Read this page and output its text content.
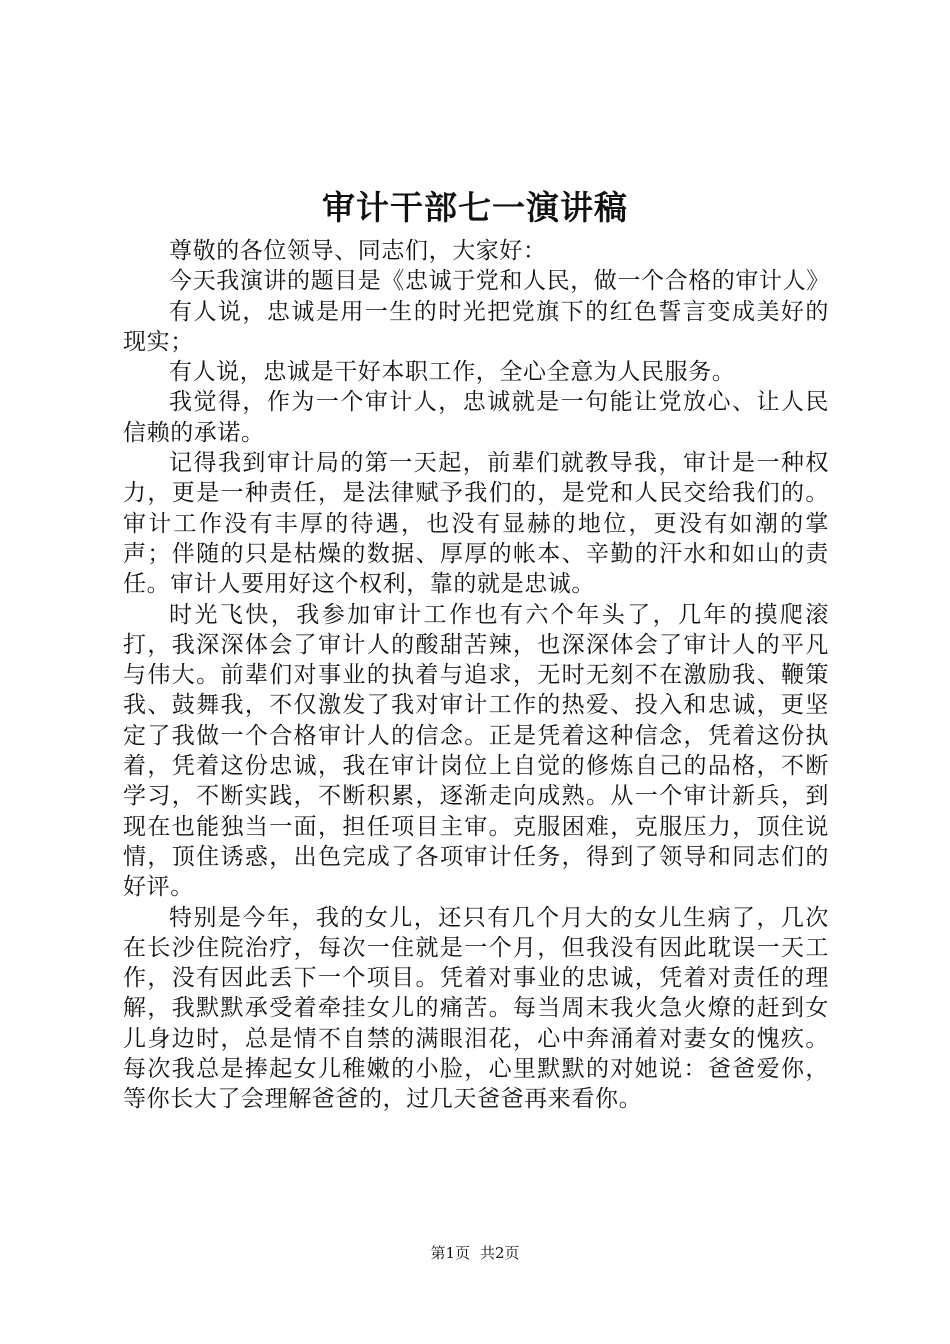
审计干部七一演讲稿

尊敬的各位领导、同志们，大家好：

今天我演讲的题目是《忠诚于党和人民，做一个合格的审计人》

有人说，忠诚是用一生的时光把党旗下的红色誓言变成美好的现实；

有人说，忠诚是干好本职工作，全心全意为人民服务。

我觉得，作为一个审计人，忠诚就是一句能让党放心、让人民信赖的承诺。

记得我到审计局的第一天起，前辈们就教导我，审计是一种权力，更是一种责任，是法律赋予我们的，是党和人民交给我们的。审计工作没有丰厚的待遇，也没有显赫的地位，更没有如潮的掌声；伴随的只是枯燥的数据、厚厚的帐本、辛勤的汗水和如山的责任。审计人要用好这个权利，靠的就是忠诚。

时光飞快，我参加审计工作也有六个年头了，几年的摸爬滚打，我深深体会了审计人的酸甜苦辣，也深深体会了审计人的平凡与伟大。前辈们对事业的执着与追求，无时无刻不在激励我、鞭策我、鼓舞我，不仅激发了我对审计工作的热爱、投入和忠诚，更坚定了我做一个合格审计人的信念。正是凭着这种信念，凭着这份执着，凭着这份忠诚，我在审计岗位上自觉的修炼自己的品格，不断学习，不断实践，不断积累，逐渐走向成熟。从一个审计新兵，到现在也能独当一面，担任项目主审。克服困难，克服压力，顶住说情，顶住诱惑，出色完成了各项审计任务，得到了领导和同志们的好评。

特别是今年，我的女儿，还只有几个月大的女儿生病了，几次在长沙住院治疗，每次一住就是一个月，但我没有因此耽误一天工作，没有因此丢下一个项目。凭着对事业的忠诚，凭着对责任的理解，我默默承受着牵挂女儿的痛苦。每当周末我火急火燎的赶到女儿身边时，总是情不自禁的满眼泪花，心中奔涌着对妻女的愧疚。每次我总是捧起女儿稚嫩的小脸，心里默默的对她说：爸爸爱你，等你长大了会理解爸爸的，过几天爸爸再来看你。

第1页 共2页
